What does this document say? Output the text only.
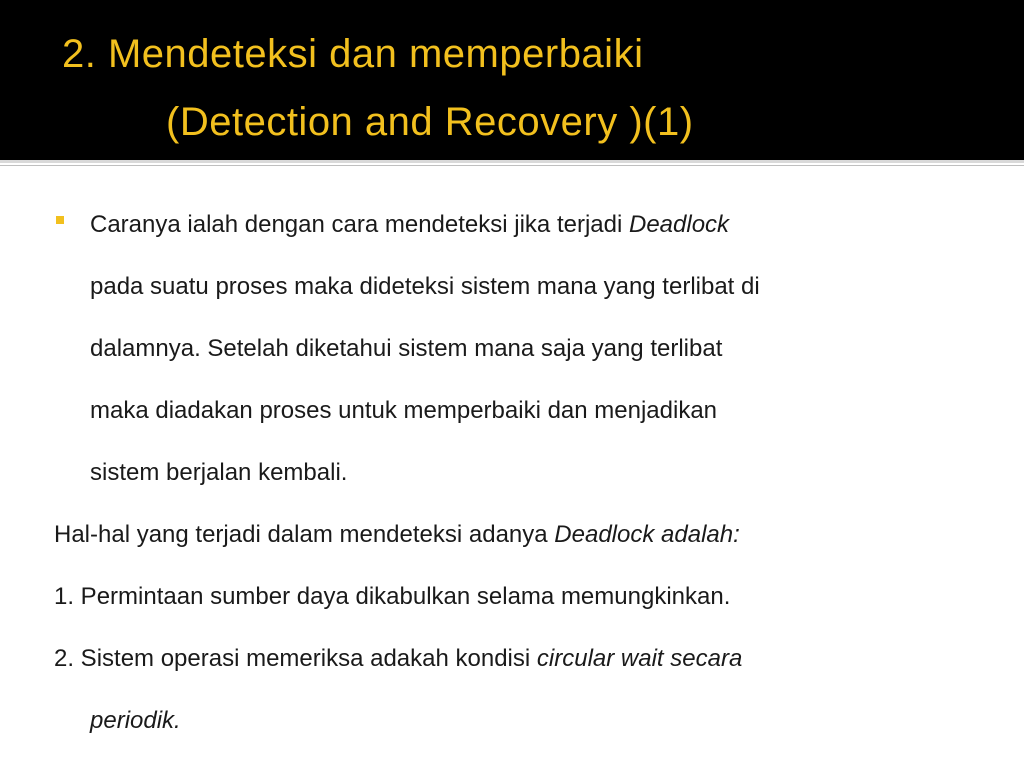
2. Mendeteksi dan memperbaiki
(Detection and Recovery )(1)
Caranya ialah dengan cara mendeteksi jika terjadi Deadlock
pada suatu proses maka dideteksi sistem mana yang terlibat di
dalamnya. Setelah diketahui sistem mana saja yang terlibat
maka diadakan proses untuk memperbaiki dan menjadikan
sistem berjalan kembali.
Hal-hal yang terjadi dalam mendeteksi adanya Deadlock adalah:
1. Permintaan sumber daya dikabulkan selama memungkinkan.
2. Sistem operasi memeriksa adakah kondisi circular wait secara
periodik.
